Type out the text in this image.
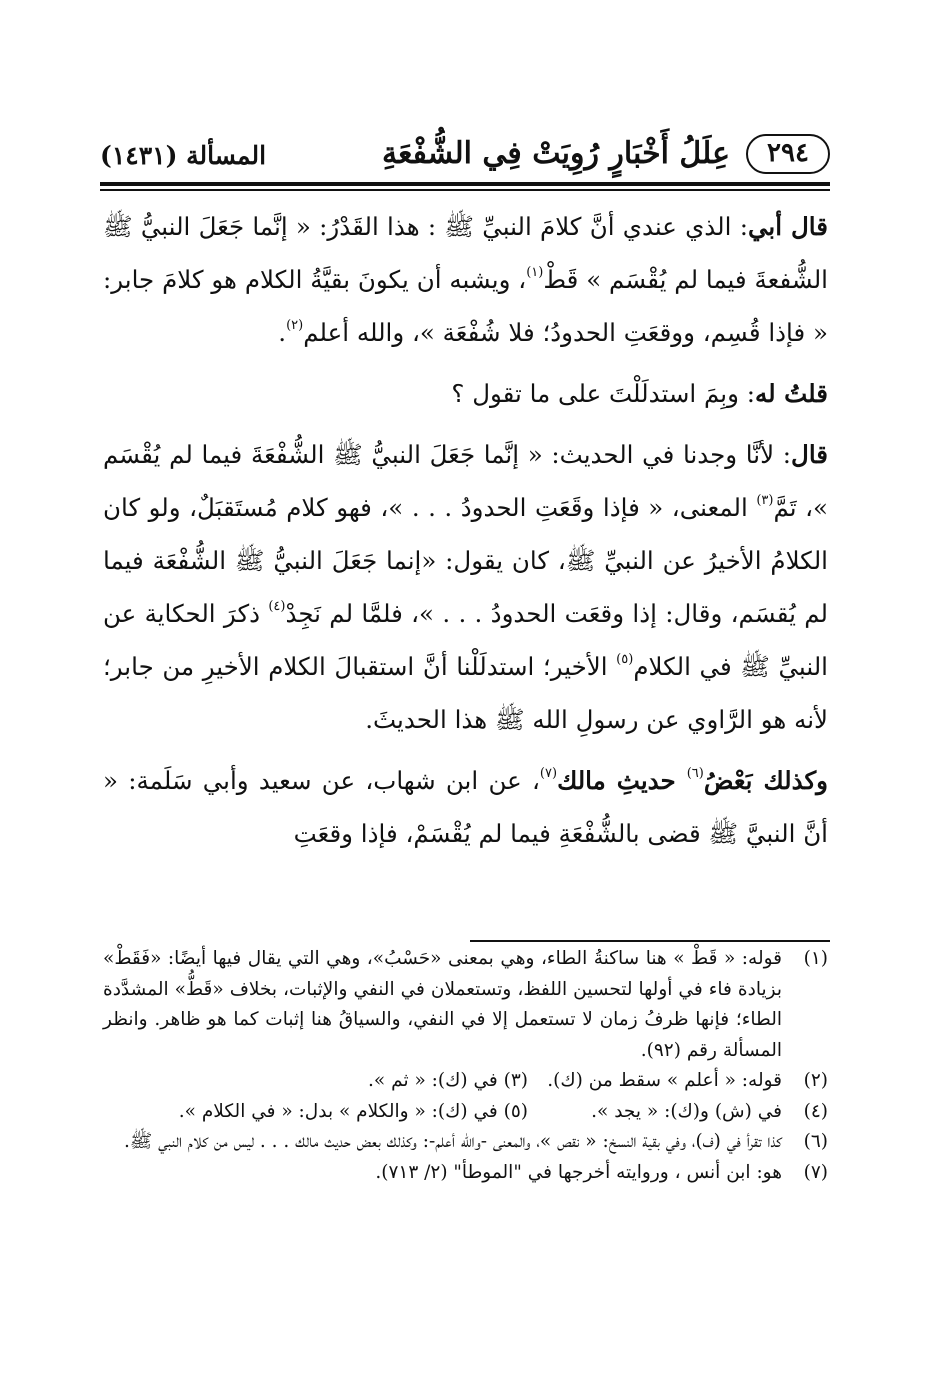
٢٩٤
عِلَلُ أَخْبَارٍ رُوِيَتْ فِي الشُّفْعَةِ
المسألة (١٤٣١)

قال أبي: الذي عندي أنَّ كلامَ النبيِّ ﷺ : هذا القَدْرُ: « إنَّما جَعَلَ النبيُّ ﷺ الشُّفعةَ فيما لم يُقْسَم » قَطْ$^{(١)}$، ويشبه أن يكونَ بقيَّةُ الكلام هو كلامَ جابر: « فإذا قُسِم، ووقعَتِ الحدودُ؛ فلا شُفْعَة »، والله أعلم$^{(٢)}$.

قلتُ له: وبِمَ استدلَلْتَ على ما تقول ؟

قال: لأنَّا وجدنا في الحديث: « إنَّما جَعَلَ النبيُّ ﷺ الشُّفْعَةَ فيما لم يُقْسَم »، تَمَّ$^{(٣)}$ المعنى، « فإذا وقَعَتِ الحدودُ . . . »، فهو كلام مُستَقبَلٌ، ولو كان الكلامُ الأخيرُ عن النبيِّ ﷺ، كان يقول: «إنما جَعَلَ النبيُّ ﷺ الشُّفْعَة فيما لم يُقسَم، وقال: إذا وقعَت الحدودُ . . . »، فلمَّا لم نَجِدْ$^{(٤)}$ ذكرَ الحكاية عن النبيِّ ﷺ في الكلام$^{(٥)}$ الأخير؛ استدلَلْنا أنَّ استقبالَ الكلام الأخيرِ من جابر؛ لأنه هو الرَّاوي عن رسولِ الله ﷺ هذا الحديثَ.

وكذلك بَعْضُ$^{(٦)}$ حديثِ مالك$^{(٧)}$، عن ابن شهاب، عن سعيد وأبي سَلَمة: « أنَّ النبيَّ ﷺ قضى بالشُّفْعَةِ فيما لم يُقْسَمْ، فإذا وقعَتِ

(١)
قوله: « قَطْ » هنا ساكنةُ الطاء، وهي بمعنى «حَسْبُ»، وهي التي يقال فيها أيضًا: «فَقَطْ» بزيادة فاء في أولها لتحسين اللفظ، وتستعملان في النفي والإثبات، بخلاف «قَطُّ» المشدَّدة الطاء؛ فإنها ظرفُ زمان لا تستعمل إلا في النفي، والسياقُ هنا إثبات كما هو ظاهر. وانظر المسألة رقم (٩٢).
(٢)
قوله: « أعلم » سقط من (ك).
(٣) في (ك): « ثم ».
(٤)
في (ش) و(ك): « يجد ».
(٥) في (ك): « والكلام » بدل: « في الكلام ».
(٦)
كذا تقرأ في (ف)، وفي بقية النسخ: « نقص »، والمعنى -والله أعلم-: وكذلك بعض حديث مالك . . . ليس من كلام النبي ﷺ.
(٧)
هو: ابن أنس ، وروايته أخرجها في "الموطأ" (٢/ ٧١٣).
